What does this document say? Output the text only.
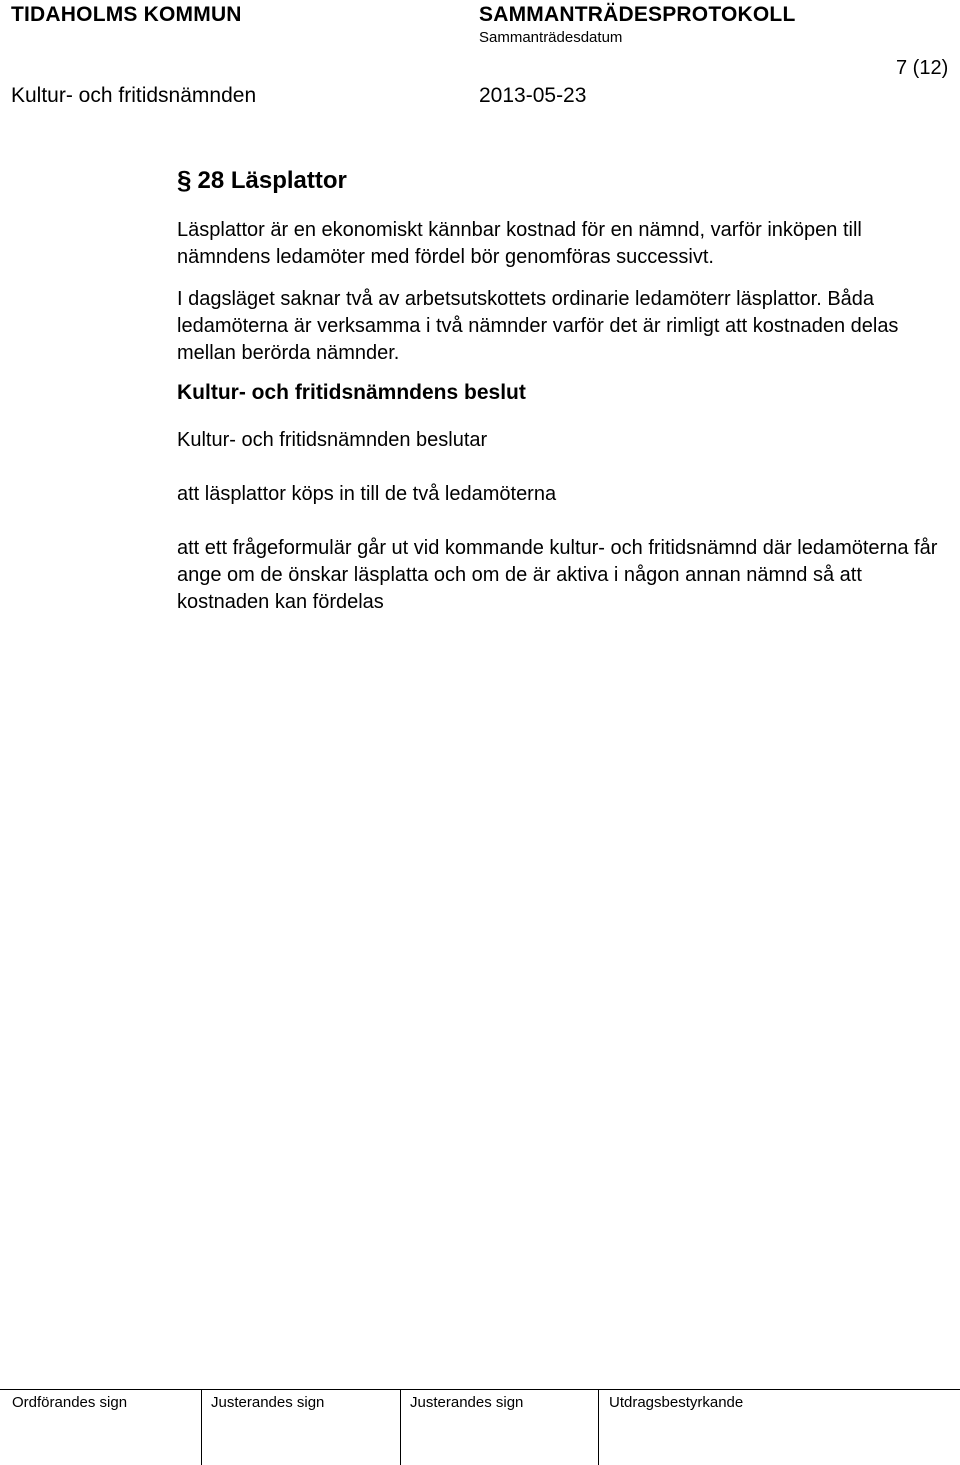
TIDAHOLMS KOMMUN	SAMMANTRÄDESPROTOKOLL
Sammanträdesdatum
7 (12)
Kultur- och fritidsnämnden	2013-05-23
§ 28 Läsplattor

Läsplattor är en ekonomiskt kännbar kostnad för en nämnd, varför inköpen till nämndens ledamöter med fördel bör genomföras successivt.

I dagsläget saknar två av arbetsutskottets ordinarie ledamöterr läsplattor. Båda ledamöterna är verksamma i två nämnder varför det är rimligt att kostnaden delas mellan berörda nämnder.

Kultur- och fritidsnämndens beslut

Kultur- och fritidsnämnden beslutar

att läsplattor köps in till de två ledamöterna

att ett frågeformulär går ut vid kommande kultur- och fritidsnämnd där ledamöterna får ange om de önskar läsplatta och om de är aktiva i någon annan nämnd så att kostnaden kan fördelas

Ordförandes sign	Justerandes sign	Justerandes sign	Utdragsbestyrkande
